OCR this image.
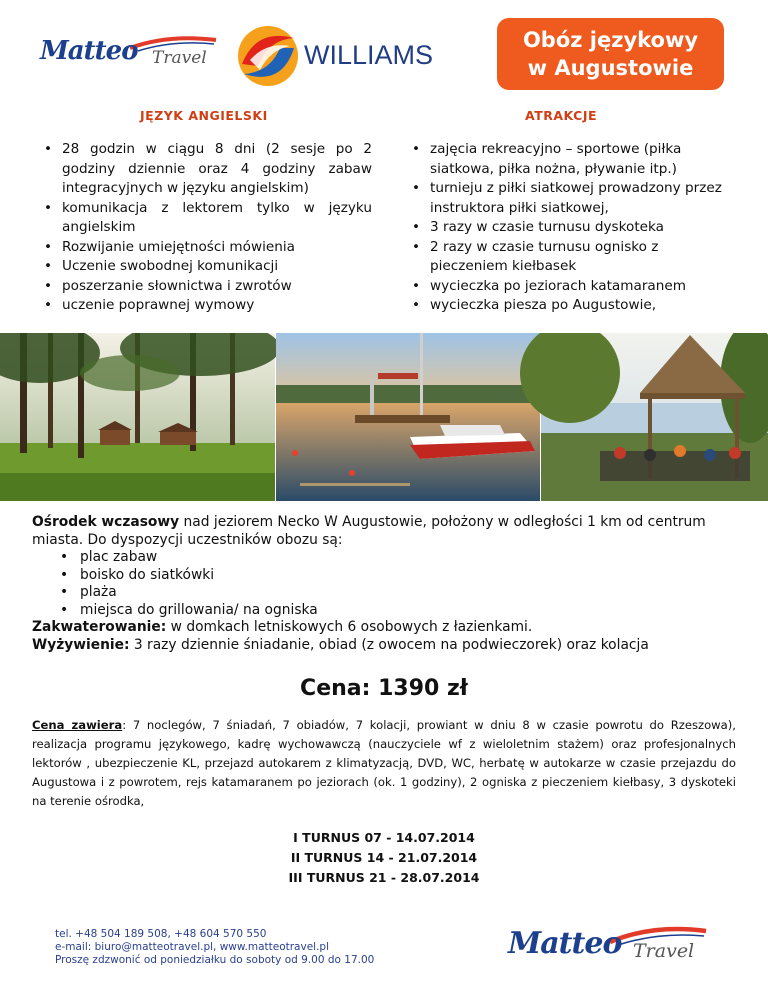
Matteo Travel	WILLIAMS	Obóz językowy
w Augustowie
JĘZYK ANGIELSKI	ATRAKCJE
• 28 godzin w ciągu 8 dni (2 sesje po 2 godziny dziennie oraz 4 godziny zabaw integracyjnych w języku angielskim)
• komunikacja z lektorem tylko w języku angielskim
• Rozwijanie umiejętności mówienia
• Uczenie swobodnej komunikacji
• poszerzanie słownictwa i zwrotów
• uczenie poprawnej wymowy
• zajęcia rekreacyjno – sportowe (piłka siatkowa, piłka nożna, pływanie itp.)
• turnieju z piłki siatkowej prowadzony przez instruktora piłki siatkowej,
• 3 razy w czasie turnusu dyskoteka
• 2 razy w czasie turnusu ognisko z pieczeniem kiełbasek
• wycieczka po jeziorach katamaranem
• wycieczka piesza po Augustowie,

Ośrodek wczasowy nad jeziorem Necko W Augustowie, położony w odległości 1 km od centrum miasta. Do dyspozycji uczestników obozu są:

• plac zabaw
• boisko do siatkówki
• plaża
• miejsca do grillowania/ na ogniska

Zakwaterowanie: w domkach letniskowych 6 osobowych z łazienkami.

Wyżywienie: 3 razy dziennie śniadanie, obiad (z owocem na podwieczorek) oraz kolacja

Cena: 1390 zł
Cena zawiera: 7 noclegów, 7 śniadań, 7 obiadów, 7 kolacji, prowiant w dniu 8 w czasie powrotu do Rzeszowa), realizacja programu językowego, kadrę wychowawczą (nauczyciele wf z wieloletnim stażem) oraz profesjonalnych lektorów , ubezpieczenie KL, przejazd autokarem z klimatyzacją, DVD, WC, herbatę w autokarze w czasie przejazdu do Augustowa i z powrotem, rejs katamaranem po jeziorach (ok. 1 godziny), 2 ogniska z pieczeniem kiełbasy, 3 dyskoteki na terenie ośrodka,
I TURNUS 07 - 14.07.2014
II TURNUS 14 - 21.07.2014
III TURNUS 21 - 28.07.2014
tel. +48 504 189 508, +48 604 570 550
e-mail: biuro@matteotravel.pl, www.matteotravel.pl
Proszę zdzwonić od poniedziałku do soboty od 9.00 do 17.00	Matteo Travel
